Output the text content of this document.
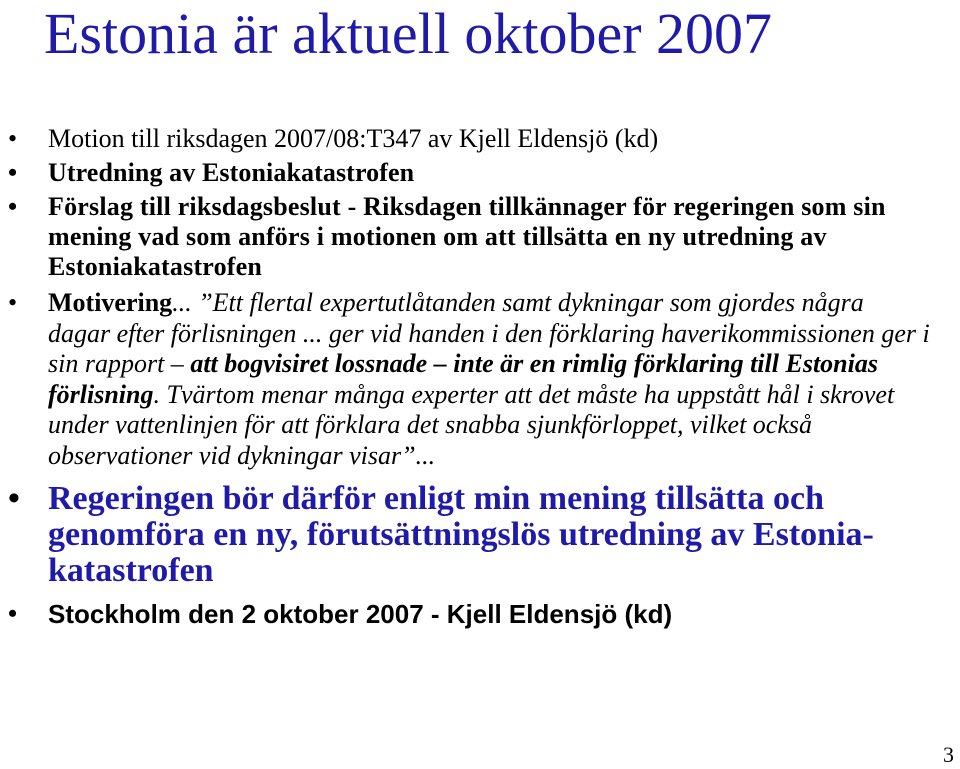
Estonia är aktuell oktober 2007
• Motion till riksdagen 2007/08:T347 av Kjell Eldensjö (kd)
• Utredning av Estoniakatastrofen
• Förslag till riksdagsbeslut - Riksdagen tillkännager för regeringen som sin mening vad som anförs i motionen om att tillsätta en ny utredning av Estoniakatastrofen
• Motivering... ”Ett flertal expertutlåtanden samt dykningar som gjordes några dagar efter förlisningen ... ger vid handen i den förklaring haverikommissionen ger i sin rapport – att bogvisiret lossnade – inte är en rimlig förklaring till Estonias förlisning. Tvärtom menar många experter att det måste ha uppstått hål i skrovet under vattenlinjen för att förklara det snabba sjunkförloppet, vilket också observationer vid dykningar visar”...
• Regeringen bör därför enligt min mening tillsätta och genomföra en ny, förutsättningslös utredning av Estonia-katastrofen
• Stockholm den 2 oktober 2007 - Kjell Eldensjö (kd)
3
